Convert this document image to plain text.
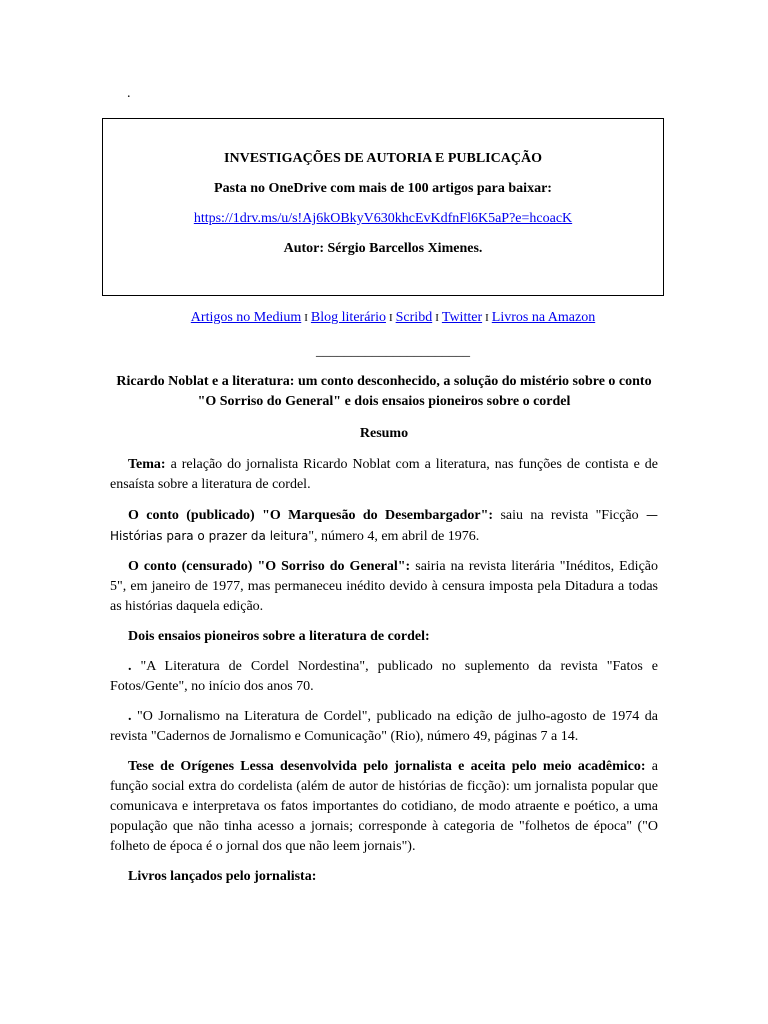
.
INVESTIGAÇÕES DE AUTORIA E PUBLICAÇÃO
Pasta no OneDrive com mais de 100 artigos para baixar:
https://1drv.ms/u/s!Aj6kOBkyV630khcEvKdfnFl6K5aP?e=hcoacK
Autor: Sérgio Barcellos Ximenes.
Artigos no Medium I Blog literário I Scribd I Twitter I Livros na Amazon
______________________
Ricardo Noblat e a literatura: um conto desconhecido, a solução do mistério sobre o conto "O Sorriso do General" e dois ensaios pioneiros sobre o cordel
Resumo

Tema: a relação do jornalista Ricardo Noblat com a literatura, nas funções de contista e de ensaísta sobre a literatura de cordel.

O conto (publicado) "O Marquesão do Desembargador": saiu na revista "Ficção — Histórias para o prazer da leitura", número 4, em abril de 1976.

O conto (censurado) "O Sorriso do General": sairia na revista literária "Inéditos, Edição 5", em janeiro de 1977, mas permaneceu inédito devido à censura imposta pela Ditadura a todas as histórias daquela edição.

Dois ensaios pioneiros sobre a literatura de cordel:

. "A Literatura de Cordel Nordestina", publicado no suplemento da revista "Fatos e Fotos/Gente", no início dos anos 70.

. "O Jornalismo na Literatura de Cordel", publicado na edição de julho-agosto de 1974 da revista "Cadernos de Jornalismo e Comunicação" (Rio), número 49, páginas 7 a 14.

Tese de Orígenes Lessa desenvolvida pelo jornalista e aceita pelo meio acadêmico: a função social extra do cordelista (além de autor de histórias de ficção): um jornalista popular que comunicava e interpretava os fatos importantes do cotidiano, de modo atraente e poético, a uma população que não tinha acesso a jornais; corresponde à categoria de "folhetos de época" ("O folheto de época é o jornal dos que não leem jornais").

Livros lançados pelo jornalista:
